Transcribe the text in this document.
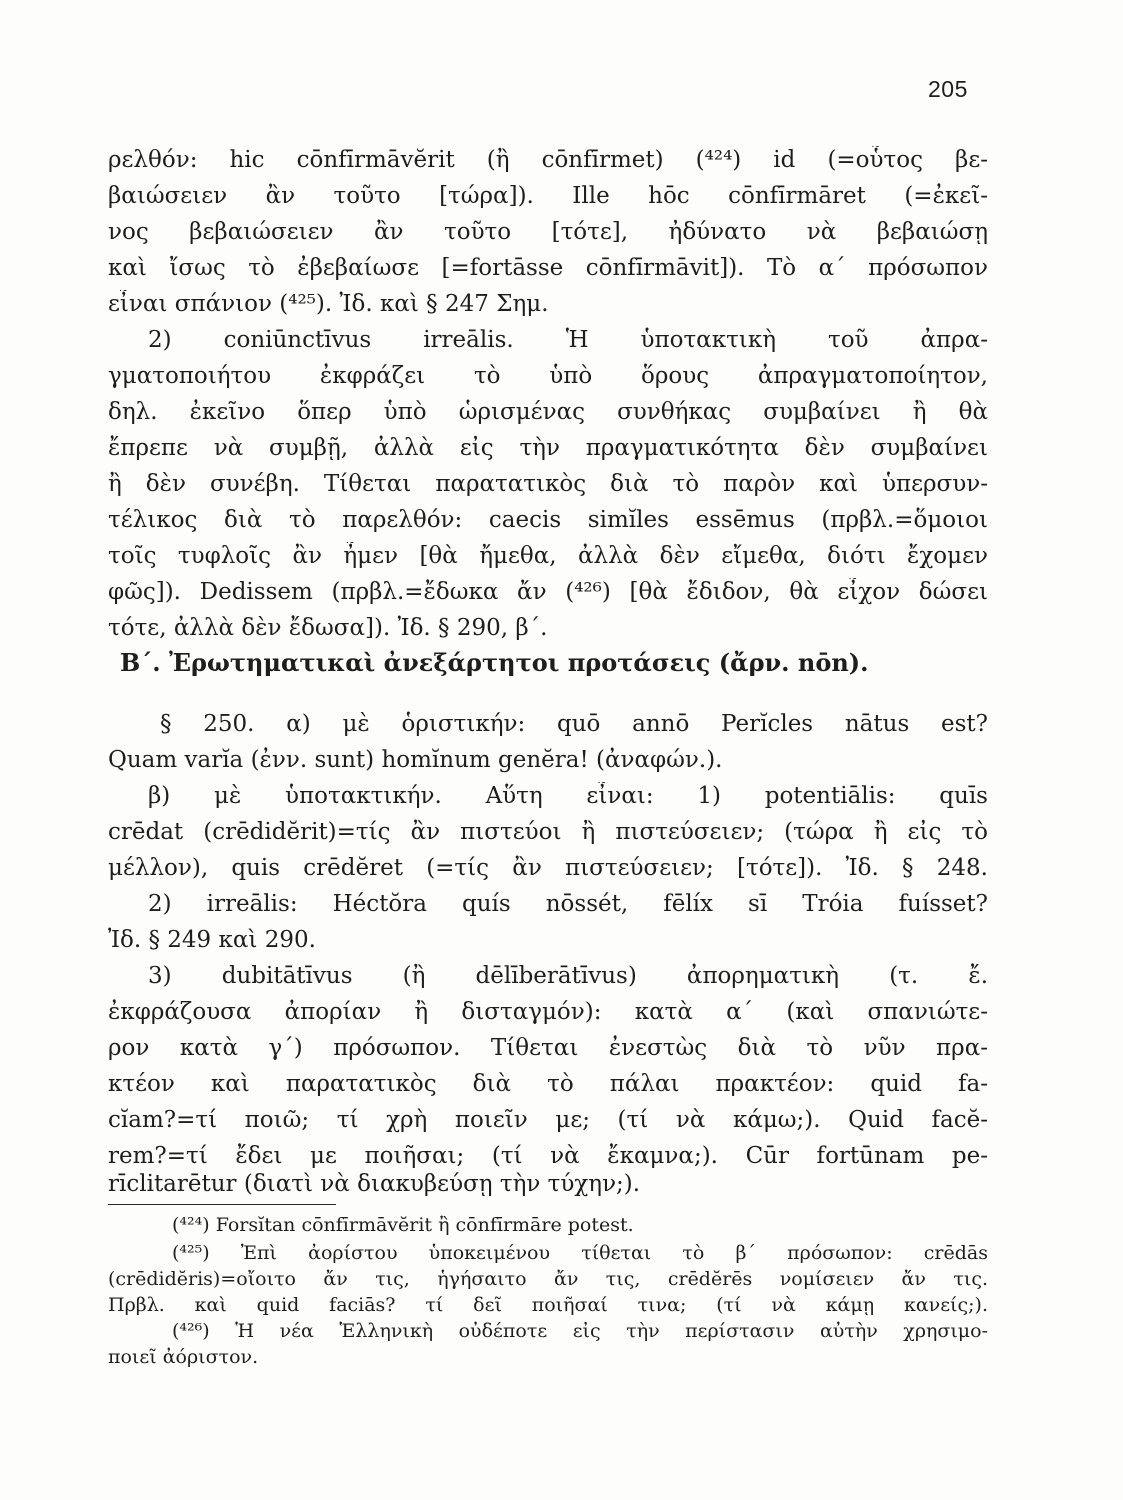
205
ρελθόν: hic cōnfīrmāvĕrit (ἢ cōnfīrmet) (⁴²⁴) id (=οὗτος βε-
βαιώσειεν ἂν τοῦτο [τώρα]). Ille hōc cōnfīrmāret (=ἐκεῖ-
νος βεβαιώσειεν ἂν τοῦτο [τότε], ἠδύνατο νὰ βεβαιώσῃ
καὶ ἴσως τὸ ἐβεβαίωσε [=fortāsse cōnfīrmāvit]). Τὸ α΄ πρόσωπον
εἶναι σπάνιον (⁴²⁵). Ἰδ. καὶ § 247 Σημ.
2) coniūnctīvus irreālis. Ἡ ὑποτακτικὴ τοῦ ἀπρα-
γματοποιήτου ἐκφράζει τὸ ὑπὸ ὅρους ἀπραγματοποίητον,
δηλ. ἐκεῖνο ὅπερ ὑπὸ ὡρισμένας συνθήκας συμβαίνει ἢ θὰ
ἔπρεπε νὰ συμβῇ, ἀλλὰ εἰς τὴν πραγματικότητα δὲν συμβαίνει
ἢ δὲν συνέβη. Τίθεται παρατατικὸς διὰ τὸ παρὸν καὶ ὑπερσυν-
τέλικος διὰ τὸ παρελθόν: caecis simĭles essēmus (πρβλ.=ὅμοιοι
τοῖς τυφλοῖς ἂν ἦμεν [θὰ ἤμεθα, ἀλλὰ δὲν εἴμεθα, διότι ἔχομεν
φῶς]). Dedissem (πρβλ.=ἔδωκα ἄν (⁴²⁶) [θὰ ἔδιδον, θὰ εἶχον δώσει
τότε, ἀλλὰ δὲν ἔδωσα]). Ἰδ. § 290, β΄.
Β΄. Ἐρωτηματικαὶ ἀνεξάρτητοι προτάσεις (ἄρν. nōn).
§ 250. α) μὲ ὁριστικήν: quō annō Perĭcles nātus est?
Quam varĭa (ἐνν. sunt) homĭnum genĕra! (ἀναφών.).
β) μὲ ὑποτακτικήν. Αὕτη εἶναι: 1) potentiālis: quīs
crēdat (crēdidĕrit)=τίς ἂν πιστεύοι ἢ πιστεύσειεν; (τώρα ἢ εἰς τὸ
μέλλον), quis crēdĕret (=τίς ἂν πιστεύσειεν; [τότε]). Ἰδ. § 248.
2) irreālis: Héctŏra quís nōssét, fēlíx sī Tróia fuísset?
Ἰδ. § 249 καὶ 290.
3) dubitātīvus (ἢ dēlīberātīvus) ἀπορηματικὴ (τ. ἔ.
ἐκφράζουσα ἀπορίαν ἢ δισταγμόν): κατὰ α΄ (καὶ σπανιώτε-
ρον κατὰ γ΄) πρόσωπον. Τίθεται ἐνεστὼς διὰ τὸ νῦν πρα-
κτέον καὶ παρατατικὸς διὰ τὸ πάλαι πρακτέον: quid fa-
cĭam?=τί ποιῶ; τί χρὴ ποιεῖν με; (τί νὰ κάμω;). Quid facĕ-
rem?=τί ἔδει με ποιῆσαι; (τί νὰ ἔκαμνα;). Cūr fortūnam pe-
rīclitarētur (διατὶ νὰ διακυβεύσῃ τὴν τύχην;).
(⁴²⁴) Forsĭtan cōnfīrmāvĕrit ἢ cōnfīrmāre potest.
(⁴²⁵) Ἐπὶ ἀορίστου ὑποκειμένου τίθεται τὸ β΄ πρόσωπον: crēdās
(crēdidĕris)=οἴοιτο ἄν τις, ἡγήσαιτο ἄν τις, crēdĕrēs νομίσειεν ἄν τις.
Πρβλ. καὶ quid faciās? τί δεῖ ποιῆσαί τινα; (τί νὰ κάμῃ κανείς;).
(⁴²⁶) Ἡ νέα Ἑλληνικὴ οὐδέποτε εἰς τὴν περίστασιν αὐτὴν χρησιμο-
ποιεῖ ἀόριστον.
